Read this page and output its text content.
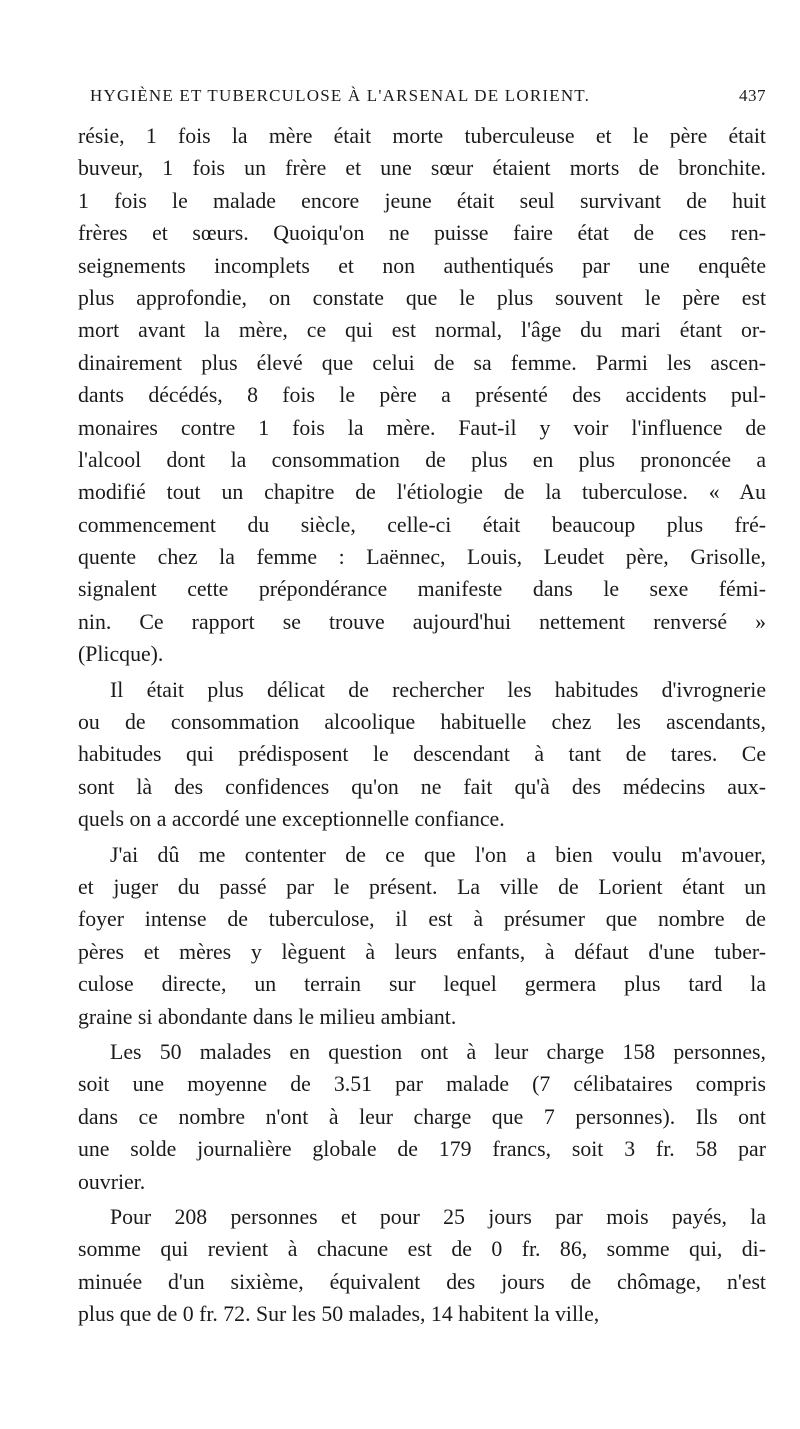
HYGIÈNE ET TUBERCULOSE À L'ARSENAL DE LORIENT.	437
résie, 1 fois la mère était morte tuberculeuse et le père était
buveur, 1 fois un frère et une sœur étaient morts de bronchite.
1 fois le malade encore jeune était seul survivant de huit
frères et sœurs. Quoiqu'on ne puisse faire état de ces ren-
seignements incomplets et non authentiqués par une enquête
plus approfondie, on constate que le plus souvent le père est
mort avant la mère, ce qui est normal, l'âge du mari étant or-
dinairement plus élevé que celui de sa femme. Parmi les ascen-
dants décédés, 8 fois le père a présenté des accidents pul-
monaires contre 1 fois la mère. Faut-il y voir l'influence de
l'alcool dont la consommation de plus en plus prononcée a
modifié tout un chapitre de l'étiologie de la tuberculose. « Au
commencement du siècle, celle-ci était beaucoup plus fré-
quente chez la femme : Laënnec, Louis, Leudet père, Grisolle,
signalent cette prépondérance manifeste dans le sexe fémi-
nin. Ce rapport se trouve aujourd'hui nettement renversé »
(Plicque).
Il était plus délicat de rechercher les habitudes d'ivrognerie
ou de consommation alcoolique habituelle chez les ascendants,
habitudes qui prédisposent le descendant à tant de tares. Ce
sont là des confidences qu'on ne fait qu'à des médecins aux-
quels on a accordé une exceptionnelle confiance.
J'ai dû me contenter de ce que l'on a bien voulu m'avouer,
et juger du passé par le présent. La ville de Lorient étant un
foyer intense de tuberculose, il est à présumer que nombre de
pères et mères y lèguent à leurs enfants, à défaut d'une tuber-
culose directe, un terrain sur lequel germera plus tard la
graine si abondante dans le milieu ambiant.
Les 50 malades en question ont à leur charge 158 personnes,
soit une moyenne de 3.51 par malade (7 célibataires compris
dans ce nombre n'ont à leur charge que 7 personnes). Ils ont
une solde journalière globale de 179 francs, soit 3 fr. 58 par
ouvrier.
Pour 208 personnes et pour 25 jours par mois payés, la
somme qui revient à chacune est de 0 fr. 86, somme qui, di-
minuée d'un sixième, équivalent des jours de chômage, n'est
plus que de 0 fr. 72. Sur les 50 malades, 14 habitent la ville,
